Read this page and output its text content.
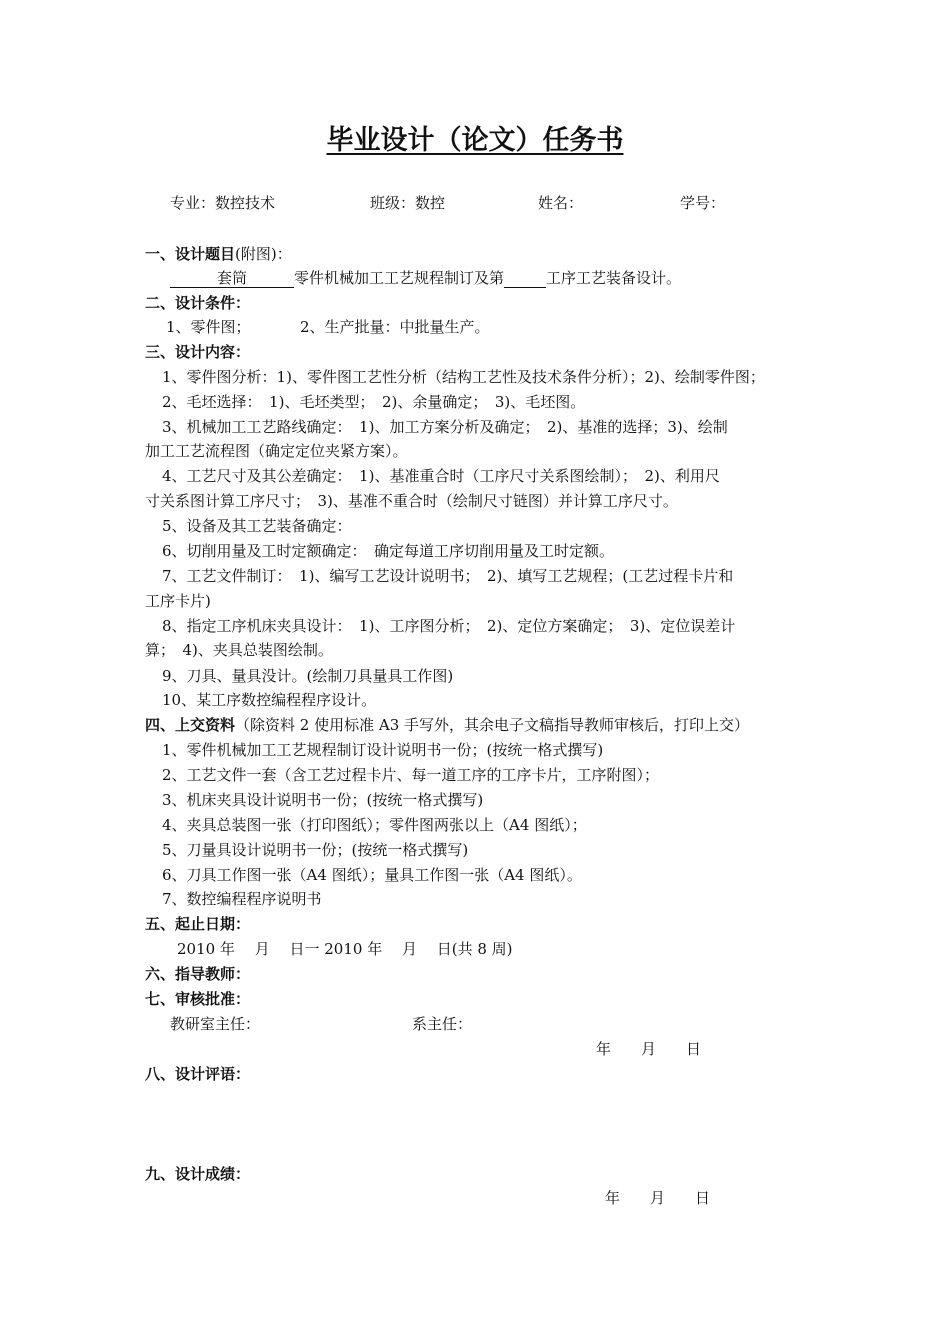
毕业设计（论文）任务书
专业：数控技术	班级：数控	姓名：	学号：
一、设计题目(附图)：
套筒	零件机械加工工艺规程制订及第	工序工艺装备设计。
二、设计条件：
1、零件图；	2、生产批量：中批量生产。
三、设计内容：
1、零件图分析：1)、零件图工艺性分析（结构工艺性及技术条件分析）；2)、绘制零件图；
2、毛坯选择：　1)、毛坯类型；　2)、余量确定；　3)、毛坯图。
3、机械加工工艺路线确定：　1)、加工方案分析及确定；　2)、基准的选择；3)、绘制
加工工艺流程图（确定定位夹紧方案）。
4、工艺尺寸及其公差确定：　1)、基准重合时（工序尺寸关系图绘制）；　2)、利用尺
寸关系图计算工序尺寸；　3)、基准不重合时（绘制尺寸链图）并计算工序尺寸。
5、设备及其工艺装备确定：
6、切削用量及工时定额确定：　确定每道工序切削用量及工时定额。
7、工艺文件制订：　1)、编写工艺设计说明书；　2)、填写工艺规程；(工艺过程卡片和
工序卡片)
8、指定工序机床夹具设计：　1)、工序图分析；　2)、定位方案确定；　3)、定位误差计
算；　4)、夹具总装图绘制。
9、刀具、量具没计。(绘制刀具量具工作图)
10、某工序数控编程程序设计。
四、上交资料（除资料 2 使用标准 A3 手写外，其余电子文稿指导教师审核后，打印上交）
1、零件机械加工工艺规程制订设计说明书一份；(按统一格式撰写)
2、工艺文件一套（含工艺过程卡片、每一道工序的工序卡片，工序附图）；
3、机床夹具设计说明书一份；(按统一格式撰写)
4、夹具总装图一张（打印图纸）；零件图两张以上（A4 图纸）；
5、刀量具设计说明书一份；(按统一格式撰写)
6、刀具工作图一张（A4 图纸）；量具工作图一张（A4 图纸）。
7、数控编程程序说明书
五、起止日期：
2010 年　 月　 日一 2010 年　 月　 日(共 8 周)
六、指导教师：
七、审核批准：
教研室主任：	系主任：
年　　月　　日
八、设计评语：
九、设计成绩：
年　　月　　日
